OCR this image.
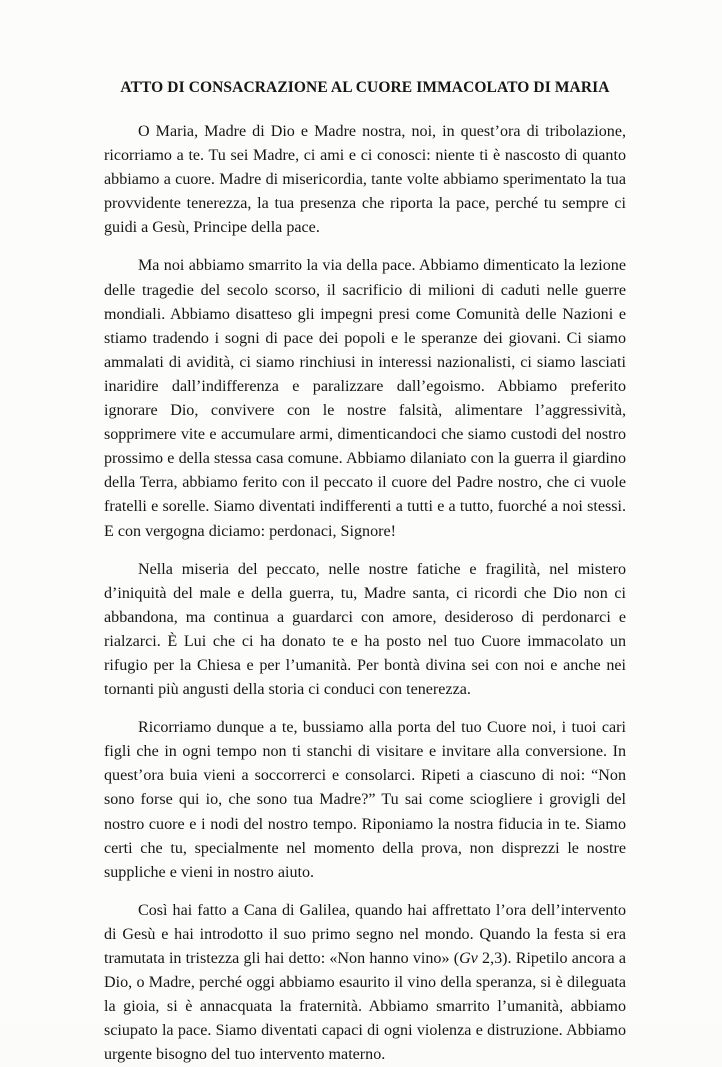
ATTO DI CONSACRAZIONE AL CUORE IMMACOLATO DI MARIA

O Maria, Madre di Dio e Madre nostra, noi, in quest’ora di tribolazione, ricorriamo a te. Tu sei Madre, ci ami e ci conosci: niente ti è nascosto di quanto abbiamo a cuore. Madre di misericordia, tante volte abbiamo sperimentato la tua provvidente tenerezza, la tua presenza che riporta la pace, perché tu sempre ci guidi a Gesù, Principe della pace.

Ma noi abbiamo smarrito la via della pace. Abbiamo dimenticato la lezione delle tragedie del secolo scorso, il sacrificio di milioni di caduti nelle guerre mondiali. Abbiamo disatteso gli impegni presi come Comunità delle Nazioni e stiamo tradendo i sogni di pace dei popoli e le speranze dei giovani. Ci siamo ammalati di avidità, ci siamo rinchiusi in interessi nazionalisti, ci siamo lasciati inaridire dall’indifferenza e paralizzare dall’egoismo. Abbiamo preferito ignorare Dio, convivere con le nostre falsità, alimentare l’aggressività, sopprimere vite e accumulare armi, dimenticandoci che siamo custodi del nostro prossimo e della stessa casa comune. Abbiamo dilaniato con la guerra il giardino della Terra, abbiamo ferito con il peccato il cuore del Padre nostro, che ci vuole fratelli e sorelle. Siamo diventati indifferenti a tutti e a tutto, fuorché a noi stessi. E con vergogna diciamo: perdonaci, Signore!

Nella miseria del peccato, nelle nostre fatiche e fragilità, nel mistero d’iniquità del male e della guerra, tu, Madre santa, ci ricordi che Dio non ci abbandona, ma continua a guardarci con amore, desideroso di perdonarci e rialzarci. È Lui che ci ha donato te e ha posto nel tuo Cuore immacolato un rifugio per la Chiesa e per l’umanità. Per bontà divina sei con noi e anche nei tornanti più angusti della storia ci conduci con tenerezza.

Ricorriamo dunque a te, bussiamo alla porta del tuo Cuore noi, i tuoi cari figli che in ogni tempo non ti stanchi di visitare e invitare alla conversione. In quest’ora buia vieni a soccorrerci e consolarci. Ripeti a ciascuno di noi: “Non sono forse qui io, che sono tua Madre?” Tu sai come sciogliere i grovigli del nostro cuore e i nodi del nostro tempo. Riponiamo la nostra fiducia in te. Siamo certi che tu, specialmente nel momento della prova, non disprezzi le nostre suppliche e vieni in nostro aiuto.

Così hai fatto a Cana di Galilea, quando hai affrettato l’ora dell’intervento di Gesù e hai introdotto il suo primo segno nel mondo. Quando la festa si era tramutata in tristezza gli hai detto: «Non hanno vino» (Gv 2,3). Ripetilo ancora a Dio, o Madre, perché oggi abbiamo esaurito il vino della speranza, si è dileguata la gioia, si è annacquata la fraternità. Abbiamo smarrito l’umanità, abbiamo sciupato la pace. Siamo diventati capaci di ogni violenza e distruzione. Abbiamo urgente bisogno del tuo intervento materno.
